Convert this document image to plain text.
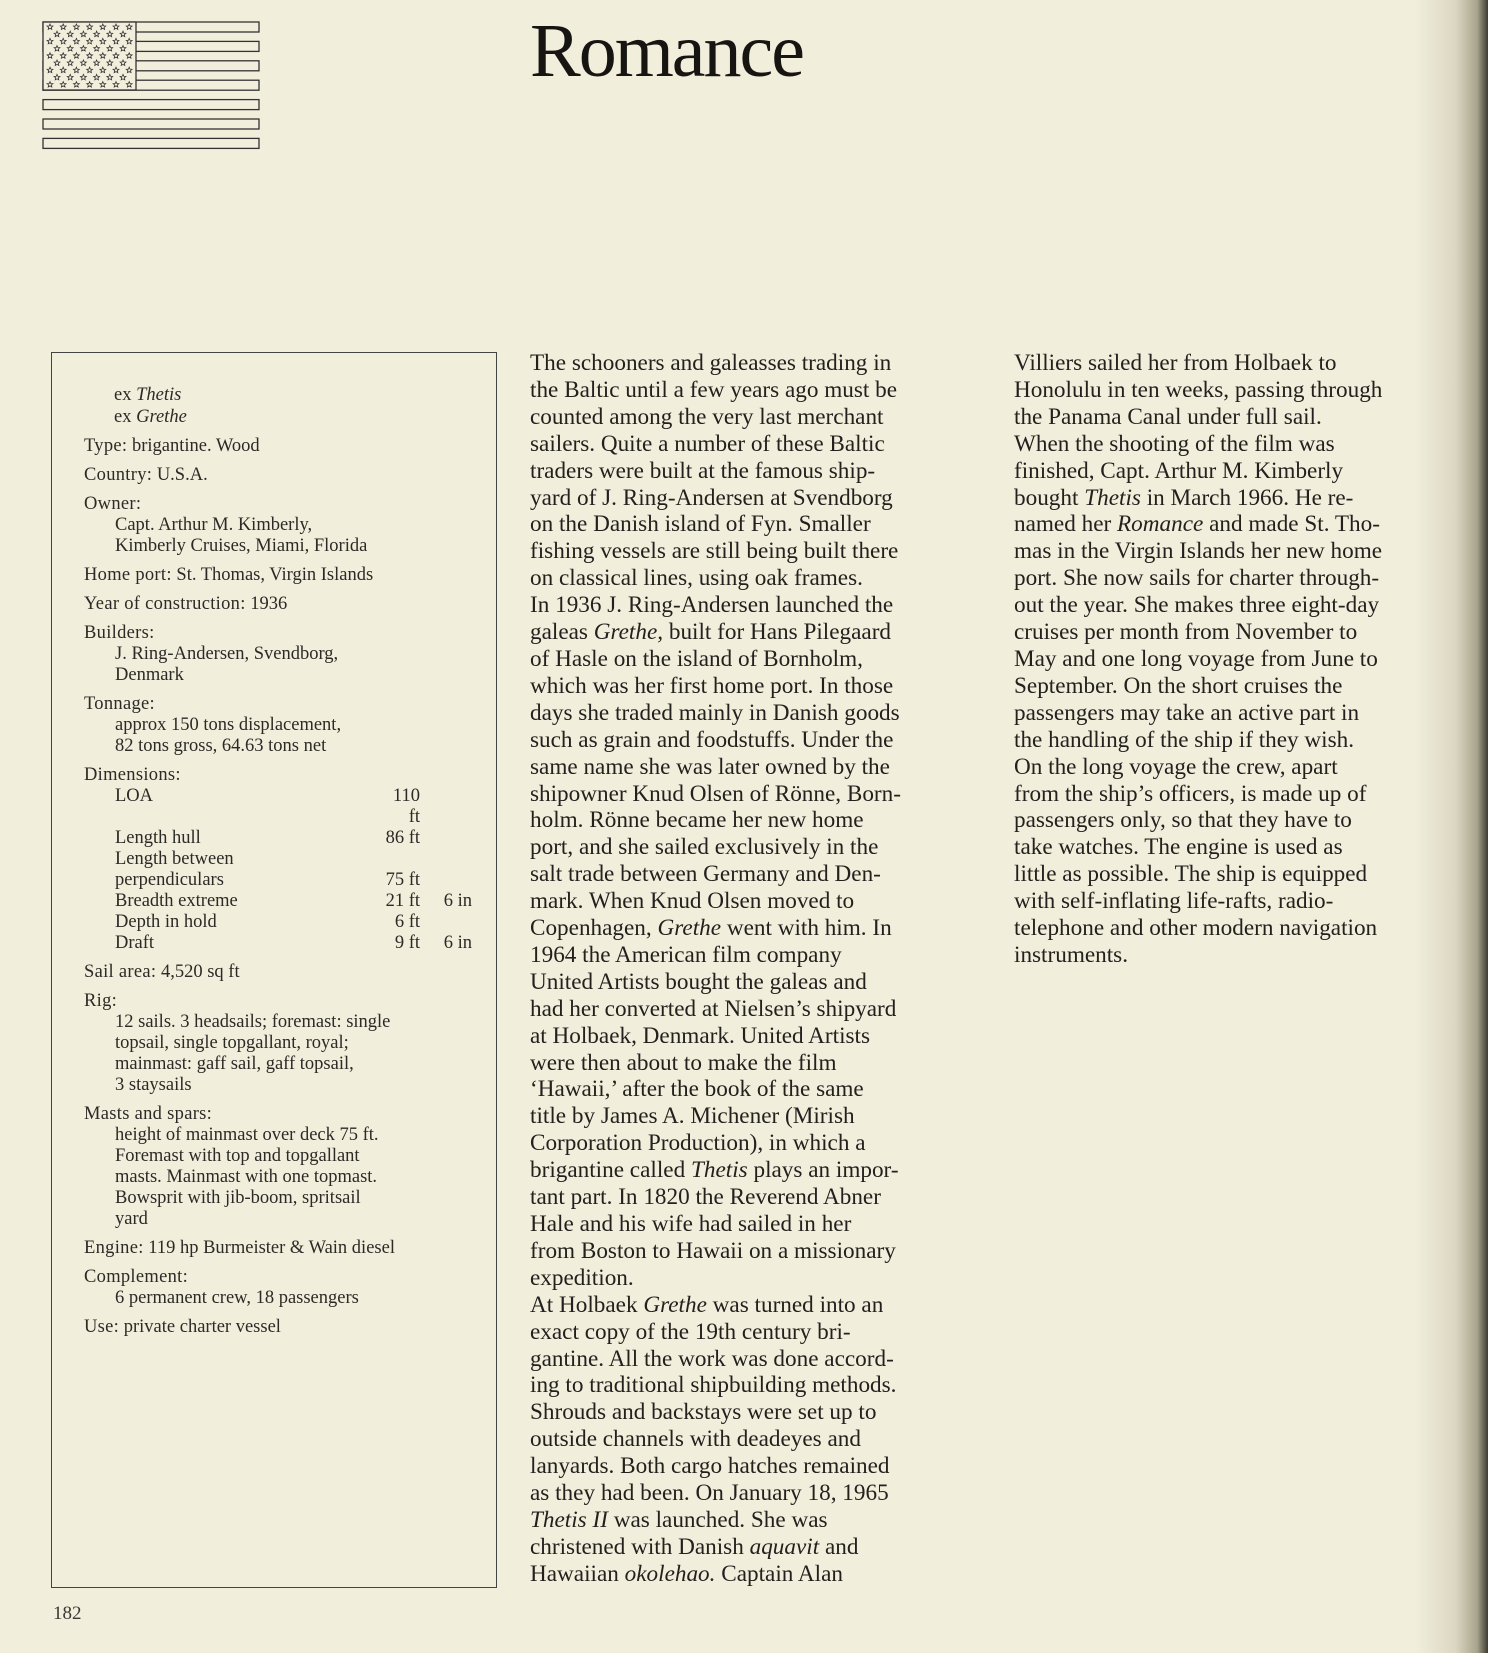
Romance
ex Thetis
ex Grethe
Type: brigantine. Wood
Country: U.S.A.
Owner:
Capt. Arthur M. Kimberly,
Kimberly Cruises, Miami, Florida
Home port: St. Thomas, Virgin Islands
Year of construction: 1936
Builders:
J. Ring-Andersen, Svendborg,
Denmark
Tonnage:
approx 150 tons displacement,
82 tons gross, 64.63 tons net
Dimensions:
LOA	110 ft
Length hull	86 ft
Length between
perpendiculars	75 ft
Breadth extreme	21 ft	6 in
Depth in hold	6 ft
Draft	9 ft	6 in
Sail area: 4,520 sq ft
Rig:
12 sails. 3 headsails; foremast: single
topsail, single topgallant, royal;
mainmast: gaff sail, gaff topsail,
3 staysails
Masts and spars:
height of mainmast over deck 75 ft.
Foremast with top and topgallant
masts. Mainmast with one topmast.
Bowsprit with jib-boom, spritsail
yard
Engine: 119 hp Burmeister & Wain diesel
Complement:
6 permanent crew, 18 passengers
Use: private charter vessel

The schooners and galeasses trading in

the Baltic until a few years ago must be

counted among the very last merchant

sailers. Quite a number of these Baltic

traders were built at the famous ship-

yard of J. Ring-Andersen at Svendborg

on the Danish island of Fyn. Smaller

fishing vessels are still being built there

on classical lines, using oak frames.

In 1936 J. Ring-Andersen launched the

galeas Grethe, built for Hans Pilegaard

of Hasle on the island of Bornholm,

which was her first home port. In those

days she traded mainly in Danish goods

such as grain and foodstuffs. Under the

same name she was later owned by the

shipowner Knud Olsen of Rönne, Born-

holm. Rönne became her new home

port, and she sailed exclusively in the

salt trade between Germany and Den-

mark. When Knud Olsen moved to

Copenhagen, Grethe went with him. In

1964 the American film company

United Artists bought the galeas and

had her converted at Nielsen’s shipyard

at Holbaek, Denmark. United Artists

were then about to make the film

‘Hawaii,’ after the book of the same

title by James A. Michener (Mirish

Corporation Production), in which a

brigantine called Thetis plays an impor-

tant part. In 1820 the Reverend Abner

Hale and his wife had sailed in her

from Boston to Hawaii on a missionary

expedition.

At Holbaek Grethe was turned into an

exact copy of the 19th century bri-

gantine. All the work was done accord-

ing to traditional shipbuilding methods.

Shrouds and backstays were set up to

outside channels with deadeyes and

lanyards. Both cargo hatches remained

as they had been. On January 18, 1965

Thetis II was launched. She was

christened with Danish aquavit and

Hawaiian okolehao. Captain Alan

Villiers sailed her from Holbaek to

Honolulu in ten weeks, passing through

the Panama Canal under full sail.

When the shooting of the film was

finished, Capt. Arthur M. Kimberly

bought Thetis in March 1966. He re-

named her Romance and made St. Tho-

mas in the Virgin Islands her new home

port. She now sails for charter through-

out the year. She makes three eight-day

cruises per month from November to

May and one long voyage from June to

September. On the short cruises the

passengers may take an active part in

the handling of the ship if they wish.

On the long voyage the crew, apart

from the ship’s officers, is made up of

passengers only, so that they have to

take watches. The engine is used as

little as possible. The ship is equipped

with self-inflating life-rafts, radio-

telephone and other modern navigation

instruments.

182
